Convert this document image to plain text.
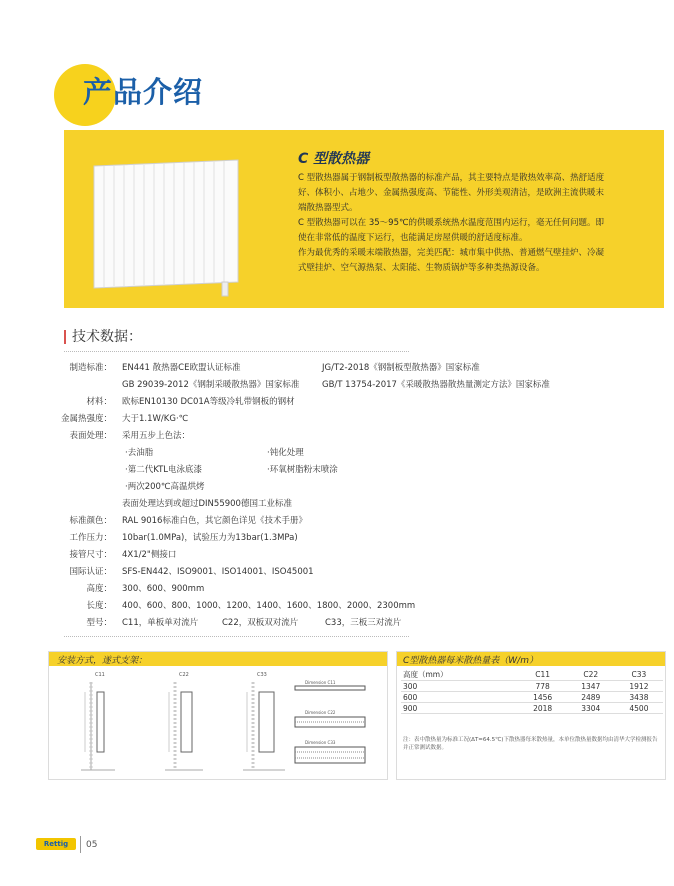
产品介绍
C 型散热器

C 型散热器属于钢制板型散热器的标准产品，其主要特点是散热效率高、热舒适度好、体积小、占地少、金属热强度高、节能性、外形美观清洁，是欧洲主流供暖末端散热器型式。

C 型散热器可以在 35～95℃的供暖系统热水温度范围内运行，毫无任何问题。即使在非常低的温度下运行，也能满足房屋供暖的舒适度标准。

作为最优秀的采暖末端散热器，完美匹配：城市集中供热、普通燃气壁挂炉、冷凝式壁挂炉、空气源热泵、太阳能、生物质锅炉等多种类热源设备。

技术数据：
制造标准： EN441 散热器CE欧盟认证标准	JG/T2-2018《钢制板型散热器》国家标准
GB 29039-2012《钢制采暖散热器》国家标准	GB/T 13754-2017《采暖散热器散热量测定方法》国家标准
材料： 欧标EN10130 DC01A等级冷轧带钢板的钢材
金属热强度： 大于1.1W/KG·℃
表面处理： 采用五步上色法：
·去油脂	·钝化处理
·第二代KTL电泳底漆	·环氧树脂粉末喷涂
·两次200℃高温烘烤
表面处理达到或超过DIN55900德国工业标准
标准颜色： RAL 9016标准白色，其它颜色详见《技术手册》
工作压力： 10bar(1.0MPa)，试验压力为13bar(1.3MPa)
接管尺寸： 4X1/2"侧接口
国际认证： SFS-EN442、ISO9001、ISO14001、ISO45001
高度： 300、600、900mm
长度： 400、600、800、1000、1200、1400、1600、1800、2000、2300mm
型号： C11，单板单对流片	C22，双板双对流片	C33，三板三对流片
安装方式，遂式支架：
C11	C22	C33
Dimension C11
Dimension C22
Dimension C33
C型散热器每米散热量表（W/m）
高度（mm）	C11	C22	C33
300	778	1347	1912
600	1456	2489	3438
900	2018	3304	4500
注：表中散热量为标准工况(ΔT=64.5℃)下散热器每米散热量，本单位散热量数据均由清华大学检测报告并正常测试数据。
Rettig	05
